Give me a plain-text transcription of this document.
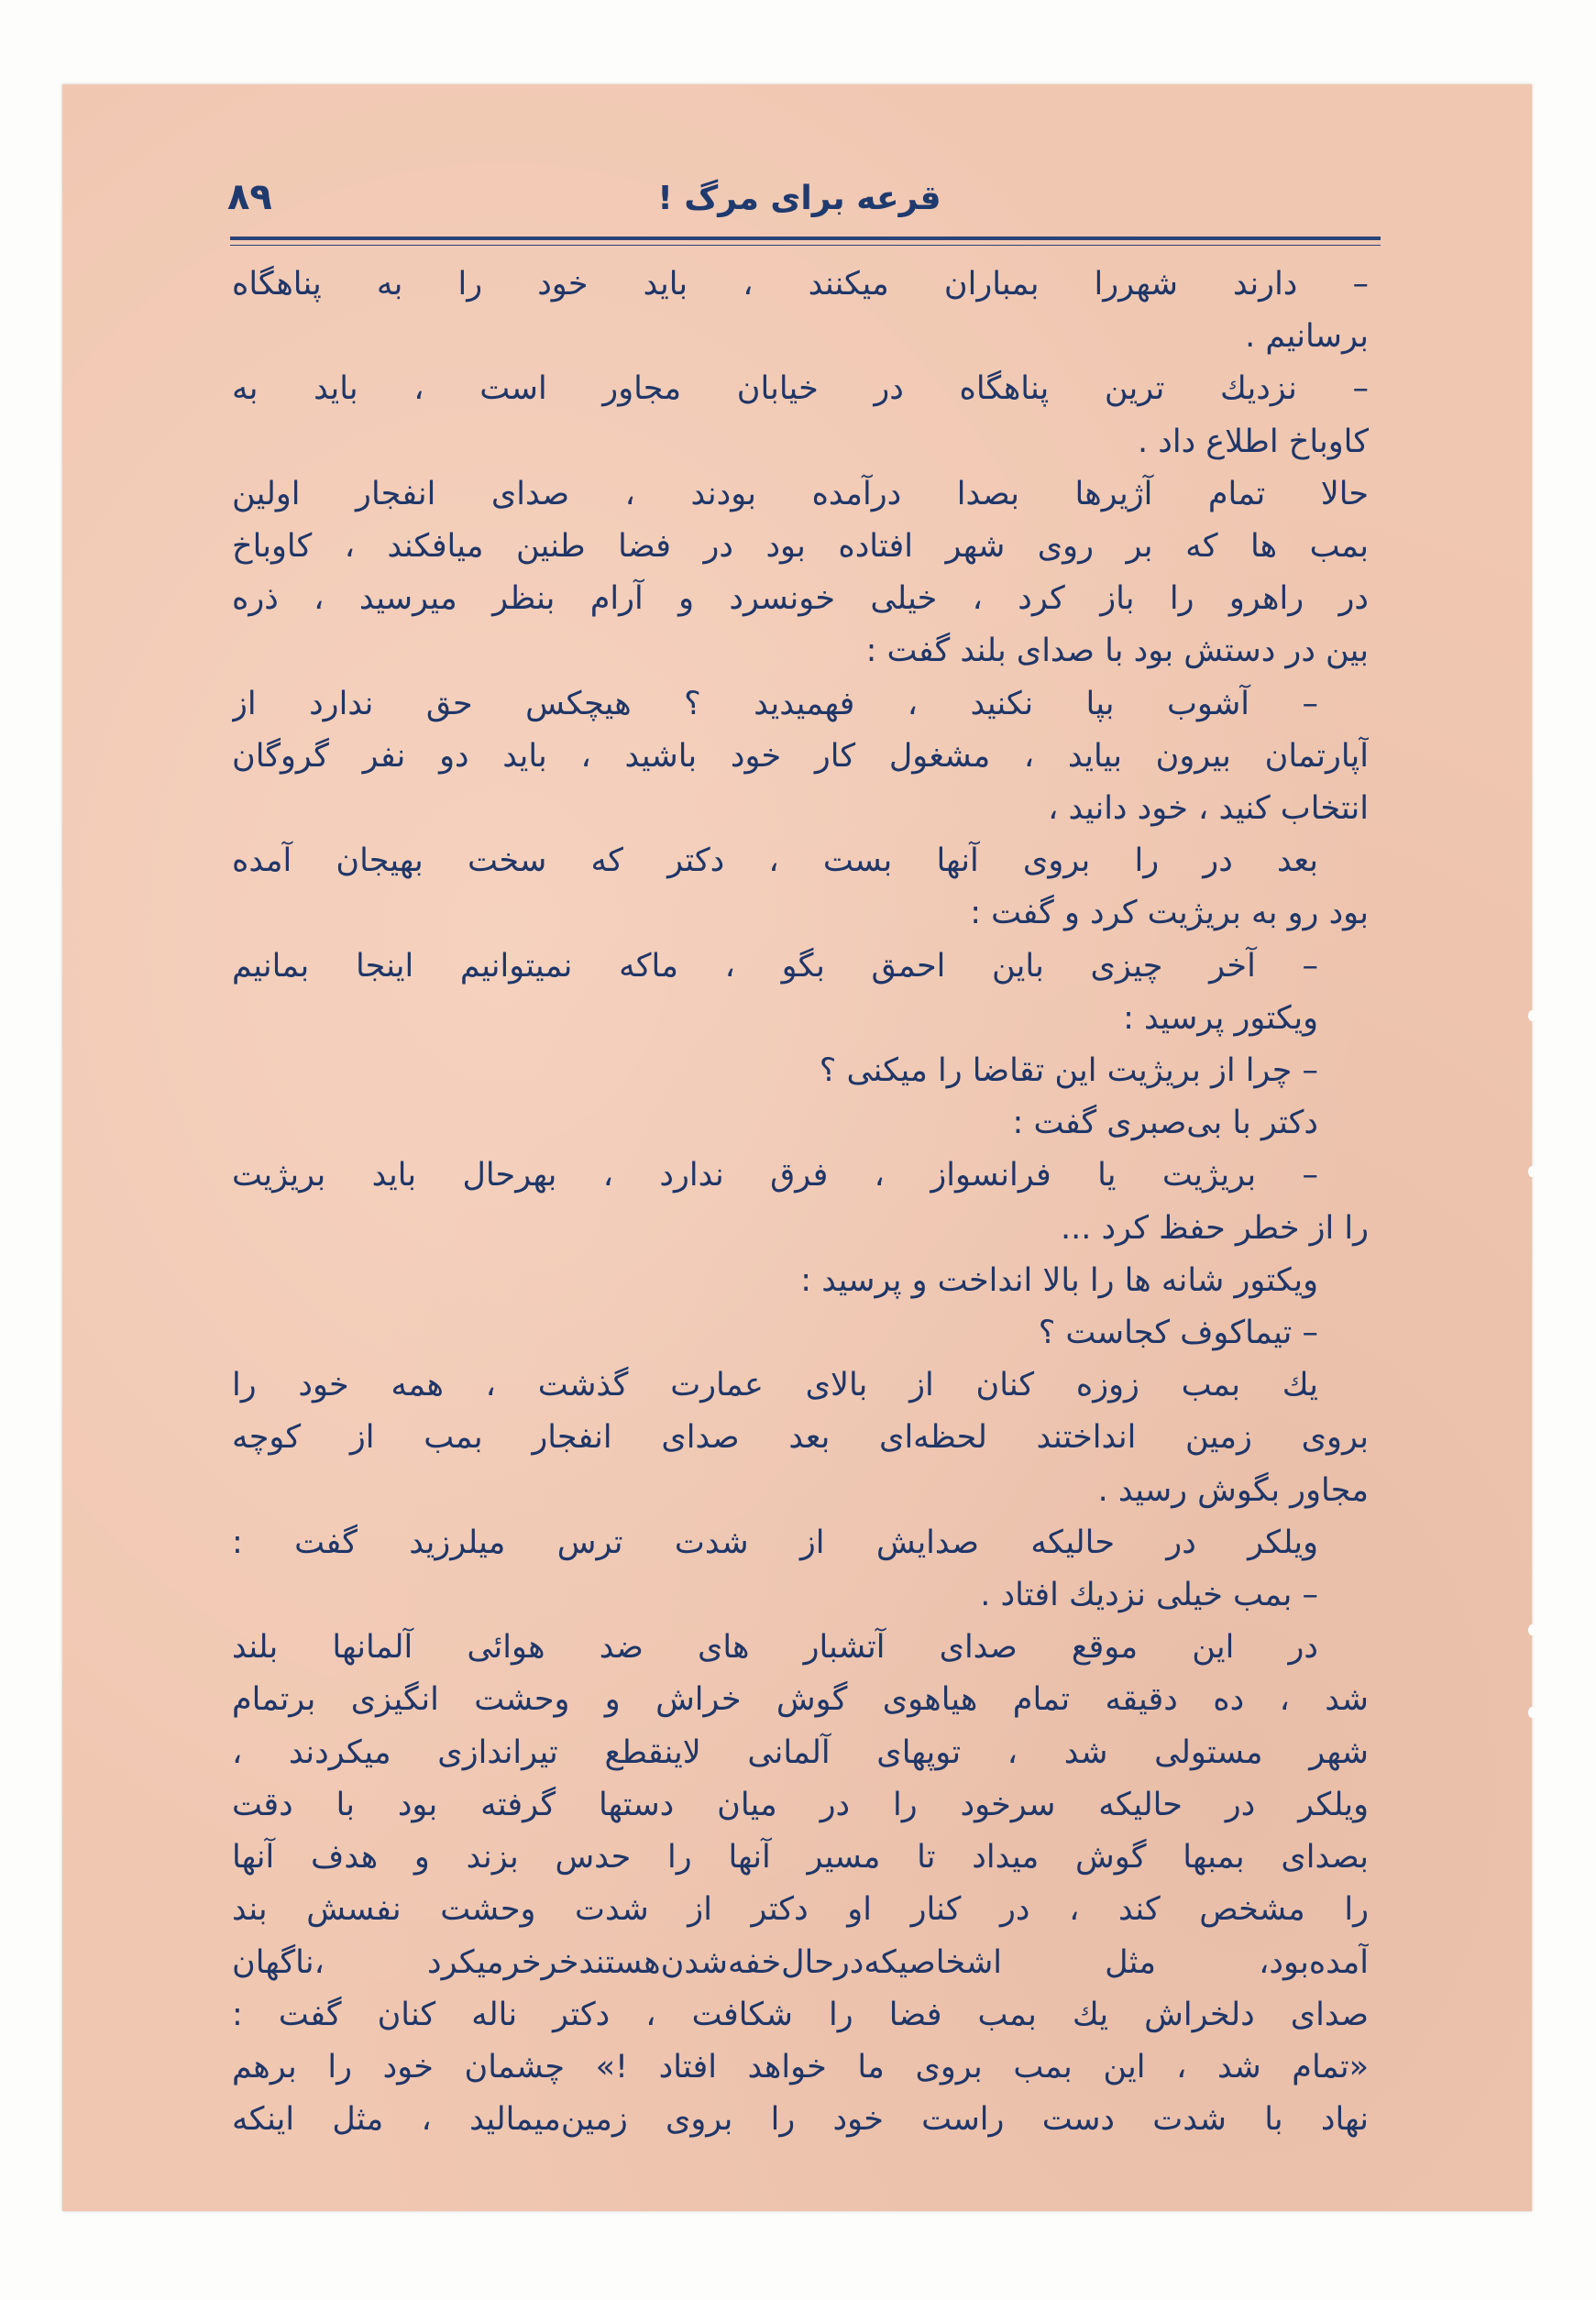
۸۹	قرعه برای مرگ !
– دارند شهررا بمباران میکنند ، باید خود را به پناهگاه
برسانیم .
– نزدیك ترین پناهگاه در خیابان مجاور است ، باید به
کاوباخ اطلاع داد .
حالا تمام آژیرها بصدا درآمده بودند ، صدای انفجار اولین
بمب ها که بر روی شهر افتاده بود در فضا طنین میافکند ، کاوباخ
در راهرو را باز کرد ، خیلی خونسرد و آرام بنظر میرسید ، ذره
بین در دستش بود با صدای بلند گفت :
– آشوب بپا نکنید ، فهمیدید ؟ هیچکس حق ندارد از
آپارتمان بیرون بیاید ، مشغول کار خود باشید ، باید دو نفر گروگان
انتخاب کنید ، خود دانید ،
بعد در را بروی آنها بست ، دکتر که سخت بهیجان آمده
بود رو به بریژیت کرد و گفت :
– آخر چیزی باین احمق بگو ، ماکه نمیتوانیم اینجا بمانیم
ویکتور پرسید :
– چرا از بریژیت این تقاضا را میکنی ؟
دکتر با بی‌صبری گفت :
– بریژیت یا فرانسواز ، فرق ندارد ، بهرحال باید بریژیت
را از خطر حفظ کرد ...
ویکتور شانه ها را بالا انداخت و پرسید :
– تیماکوف کجاست ؟
یك بمب زوزه کنان از بالای عمارت گذشت ، همه خود را
بروی زمین انداختند لحظه‌ای بعد صدای انفجار بمب از کوچه
مجاور بگوش رسید .
ویلکر در حالیکه صدایش از شدت ترس میلرزید گفت :
– بمب خیلی نزدیك افتاد .
در این موقع صدای آتشبار های ضد هوائی آلمانها بلند
شد ، ده دقیقه تمام هیاهوی گوش خراش و وحشت انگیزی برتمام
شهر مستولی شد ، توپهای آلمانی لاینقطع تیراندازی میکردند ،
ویلکر در حالیکه سرخود را در میان دستها گرفته بود با دقت
بصدای بمبها گوش میداد تا مسیر آنها را حدس بزند و هدف آنها
را مشخص کند ، در کنار او دکتر از شدت وحشت نفسش بند
آمده‌بود، مثل اشخاصیکه‌درحال‌خفه‌شدن‌هستندخرخرمیکرد ،ناگهان
صدای دلخراش یك بمب فضا را شکافت ، دکتر ناله کنان گفت :
«تمام شد ، این بمب بروی ما خواهد افتاد !» چشمان خود را برهم
نهاد با شدت دست راست خود را بروی زمین‌میمالید ، مثل اینکه
